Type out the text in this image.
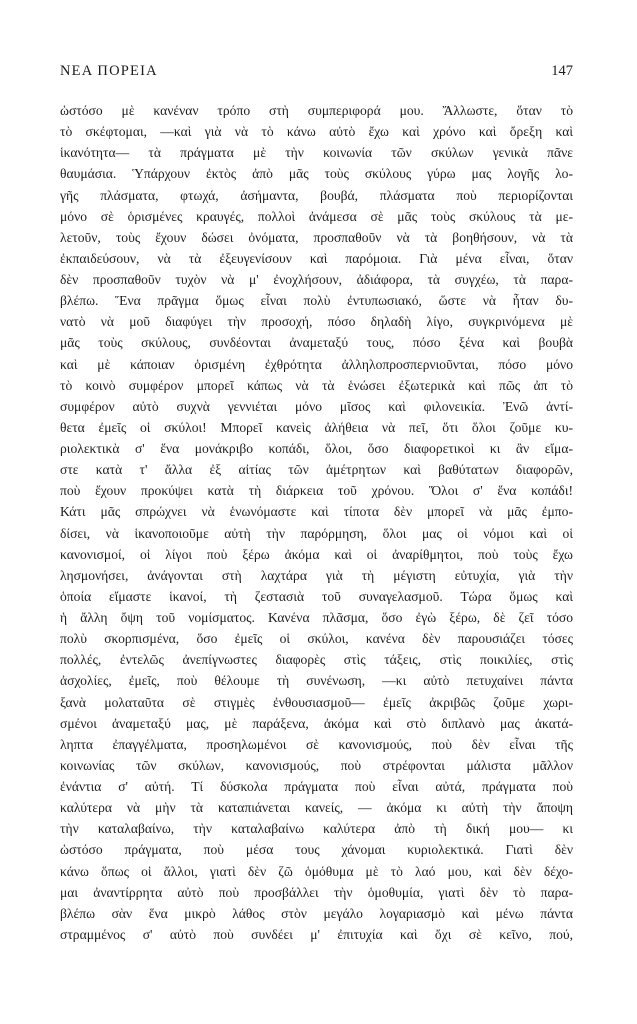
ΝΕΑ ΠΟΡΕΙΑ	147
ὡστόσο μὲ κανέναν τρόπο στὴ συμπεριφορά μου. Ἄλλωστε, ὅταν τὸ
τὸ σκέφτομαι, —καὶ γιὰ νὰ τὸ κάνω αὐτὸ ἔχω καὶ χρόνο καὶ ὄρεξη καὶ
ἱκανότητα— τὰ πράγματα μὲ τὴν κοινωνία τῶν σκύλων γενικὰ πᾶνε
θαυμάσια. Ὑπάρχουν ἐκτὸς ἀπὸ μᾶς τοὺς σκύλους γύρω μας λογῆς λο-
γῆς πλάσματα, φτωχά, ἀσήμαντα, βουβά, πλάσματα ποὺ περιορίζονται
μόνο σὲ ὁρισμένες κραυγές, πολλοὶ ἀνάμεσα σὲ μᾶς τοὺς σκύλους τὰ με-
λετοῦν, τοὺς ἔχουν δώσει ὀνόματα, προσπαθοῦν νὰ τὰ βοηθήσουν, νὰ τὰ
ἐκπαιδεύσουν, νὰ τὰ ἐξευγενίσουν καὶ παρόμοια. Γιὰ μένα εἶναι, ὅταν
δὲν προσπαθοῦν τυχὸν νὰ μ' ἐνοχλήσουν, ἀδιάφορα, τὰ συγχέω, τὰ παρα-
βλέπω. Ἕνα πρᾶγμα ὅμως εἶναι πολὺ ἐντυπωσιακό, ὥστε νὰ ἦταν δυ-
νατὸ νὰ μοῦ διαφύγει τὴν προσοχή, πόσο δηλαδὴ λίγο, συγκρινόμενα μὲ
μᾶς τοὺς σκύλους, συνδέονται ἀναμεταξύ τους, πόσο ξένα καὶ βουβὰ
καὶ μὲ κάποιαν ὁρισμένη ἐχθρότητα ἀλληλοπροσπερνιοῦνται, πόσο μόνο
τὸ κοινὸ συμφέρον μπορεῖ κάπως νὰ τὰ ἑνώσει ἐξωτερικὰ καὶ πῶς ἀπ τὸ
συμφέρον αὐτὸ συχνὰ γεννιέται μόνο μῖσος καὶ φιλονεικία. Ἐνῶ ἀντί-
θετα ἐμεῖς οἱ σκύλοι! Μπορεῖ κανεὶς ἀλήθεια νὰ πεῖ, ὅτι ὅλοι ζοῦμε κυ-
ριολεκτικὰ σ' ἕνα μονάκριβο κοπάδι, ὅλοι, ὅσο διαφορετικοὶ κι ἂν εἴμα-
στε κατὰ τ' ἄλλα ἐξ αἰτίας τῶν ἀμέτρητων καὶ βαθύτατων διαφορῶν,
ποὺ ἔχουν προκύψει κατὰ τὴ διάρκεια τοῦ χρόνου. Ὅλοι σ' ἕνα κοπάδι!
Κάτι μᾶς σπρώχνει νὰ ἑνωνόμαστε καὶ τίποτα δὲν μπορεῖ νὰ μᾶς ἐμπο-
δίσει, νὰ ἱκανοποιοῦμε αὐτὴ τὴν παρόρμηση, ὅλοι μας οἱ νόμοι καὶ οἱ
κανονισμοί, οἱ λίγοι ποὺ ξέρω ἀκόμα καὶ οἱ ἀναρίθμητοι, ποὺ τοὺς ἔχω
λησμονήσει, ἀνάγονται στὴ λαχτάρα γιὰ τὴ μέγιστη εὐτυχία, γιὰ τὴν
ὁποία εἴμαστε ἱκανοί, τὴ ζεστασιὰ τοῦ συναγελασμοῦ. Τώρα ὅμως καὶ
ἡ ἄλλη ὄψη τοῦ νομίσματος. Κανένα πλᾶσμα, ὅσο ἐγὼ ξέρω, δὲ ζεῖ τόσο
πολὺ σκορπισμένα, ὅσο ἐμεῖς οἱ σκύλοι, κανένα δὲν παρουσιάζει τόσες
πολλές, ἐντελῶς ἀνεπίγνωστες διαφορὲς στὶς τάξεις, στὶς ποικιλίες, στὶς
ἀσχολίες, ἐμεῖς, ποὺ θέλουμε τὴ συνένωση, —κι αὐτὸ πετυχαίνει πάντα
ξανὰ μολαταῦτα σὲ στιγμὲς ἐνθουσιασμοῦ— ἐμεῖς ἀκριβῶς ζοῦμε χωρι-
σμένοι ἀναμεταξύ μας, μὲ παράξενα, ἀκόμα καὶ στὸ διπλανὸ μας ἀκατά-
ληπτα ἐπαγγέλματα, προσηλωμένοι σὲ κανονισμούς, ποὺ δὲν εἶναι τῆς
κοινωνίας τῶν σκύλων, κανονισμούς, ποὺ στρέφονται μάλιστα μᾶλλον
ἐνάντια σ' αὐτή. Τί δύσκολα πράγματα ποὺ εἶναι αὐτά, πράγματα ποὺ
καλύτερα νὰ μὴν τὰ καταπιάνεται κανείς, — ἀκόμα κι αὐτὴ τὴν ἄποψη
τὴν καταλαβαίνω, τὴν καταλαβαίνω καλύτερα ἀπὸ τὴ δική μου— κι
ὡστόσο πράγματα, ποὺ μέσα τους χάνομαι κυριολεκτικά. Γιατὶ δὲν
κάνω ὅπως οἱ ἄλλοι, γιατὶ δὲν ζῶ ὁμόθυμα μὲ τὸ λαό μου, καὶ δὲν δέχο-
μαι ἀναντίρρητα αὐτὸ ποὺ προσβάλλει τὴν ὁμοθυμία, γιατὶ δὲν τὸ παρα-
βλέπω σὰν ἕνα μικρὸ λάθος στὸν μεγάλο λογαριασμὸ καὶ μένω πάντα
στραμμένος σ' αὐτὸ ποὺ συνδέει μ' ἐπιτυχία καὶ ὄχι σὲ κεῖνο, πού,
